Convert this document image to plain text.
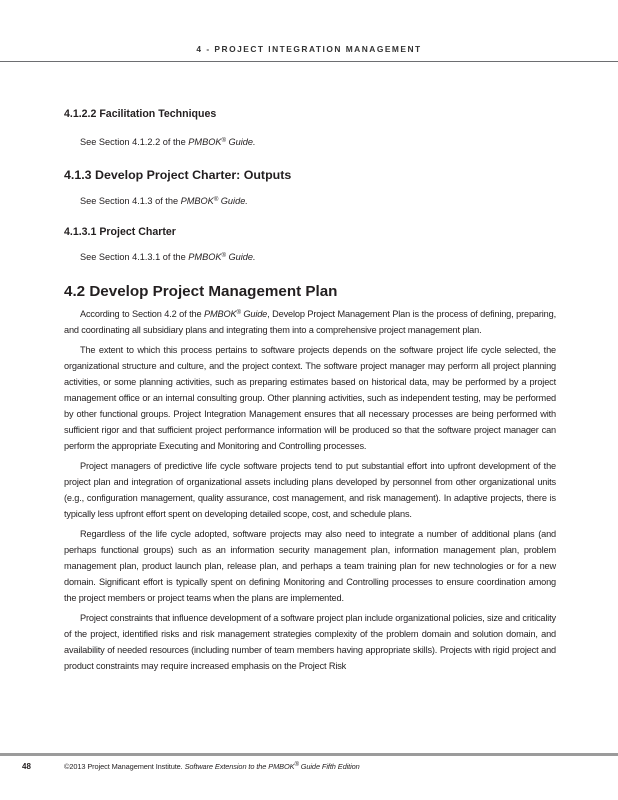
4 - PROJECT INTEGRATION MANAGEMENT
4.1.2.2 Facilitation Techniques

See Section 4.1.2.2 of the PMBOK® Guide.

4.1.3 Develop Project Charter: Outputs

See Section 4.1.3 of the PMBOK® Guide.

4.1.3.1 Project Charter

See Section 4.1.3.1 of the PMBOK® Guide.

4.2 Develop Project Management Plan

According to Section 4.2 of the PMBOK® Guide, Develop Project Management Plan is the process of defining, preparing, and coordinating all subsidiary plans and integrating them into a comprehensive project management plan.

The extent to which this process pertains to software projects depends on the software project life cycle selected, the organizational structure and culture, and the project context. The software project manager may perform all project planning activities, or some planning activities, such as preparing estimates based on historical data, may be performed by a project management office or an internal consulting group. Other planning activities, such as independent testing, may be performed by other functional groups. Project Integration Management ensures that all necessary processes are being performed with sufficient rigor and that sufficient project performance information will be produced so that the software project manager can perform the appropriate Executing and Monitoring and Controlling processes.

Project managers of predictive life cycle software projects tend to put substantial effort into upfront development of the project plan and integration of organizational assets including plans developed by personnel from other organizational units (e.g., configuration management, quality assurance, cost management, and risk management). In adaptive projects, there is typically less upfront effort spent on developing detailed scope, cost, and schedule plans.

Regardless of the life cycle adopted, software projects may also need to integrate a number of additional plans (and perhaps functional groups) such as an information security management plan, information management plan, problem management plan, product launch plan, release plan, and perhaps a team training plan for new technologies or for a new domain. Significant effort is typically spent on defining Monitoring and Controlling processes to ensure coordination among the project members or project teams when the plans are implemented.

Project constraints that influence development of a software project plan include organizational policies, size and criticality of the project, identified risks and risk management strategies complexity of the problem domain and solution domain, and availability of needed resources (including number of team members having appropriate skills). Projects with rigid project and product constraints may require increased emphasis on the Project Risk

48	©2013 Project Management Institute. Software Extension to the PMBOK® Guide Fifth Edition
